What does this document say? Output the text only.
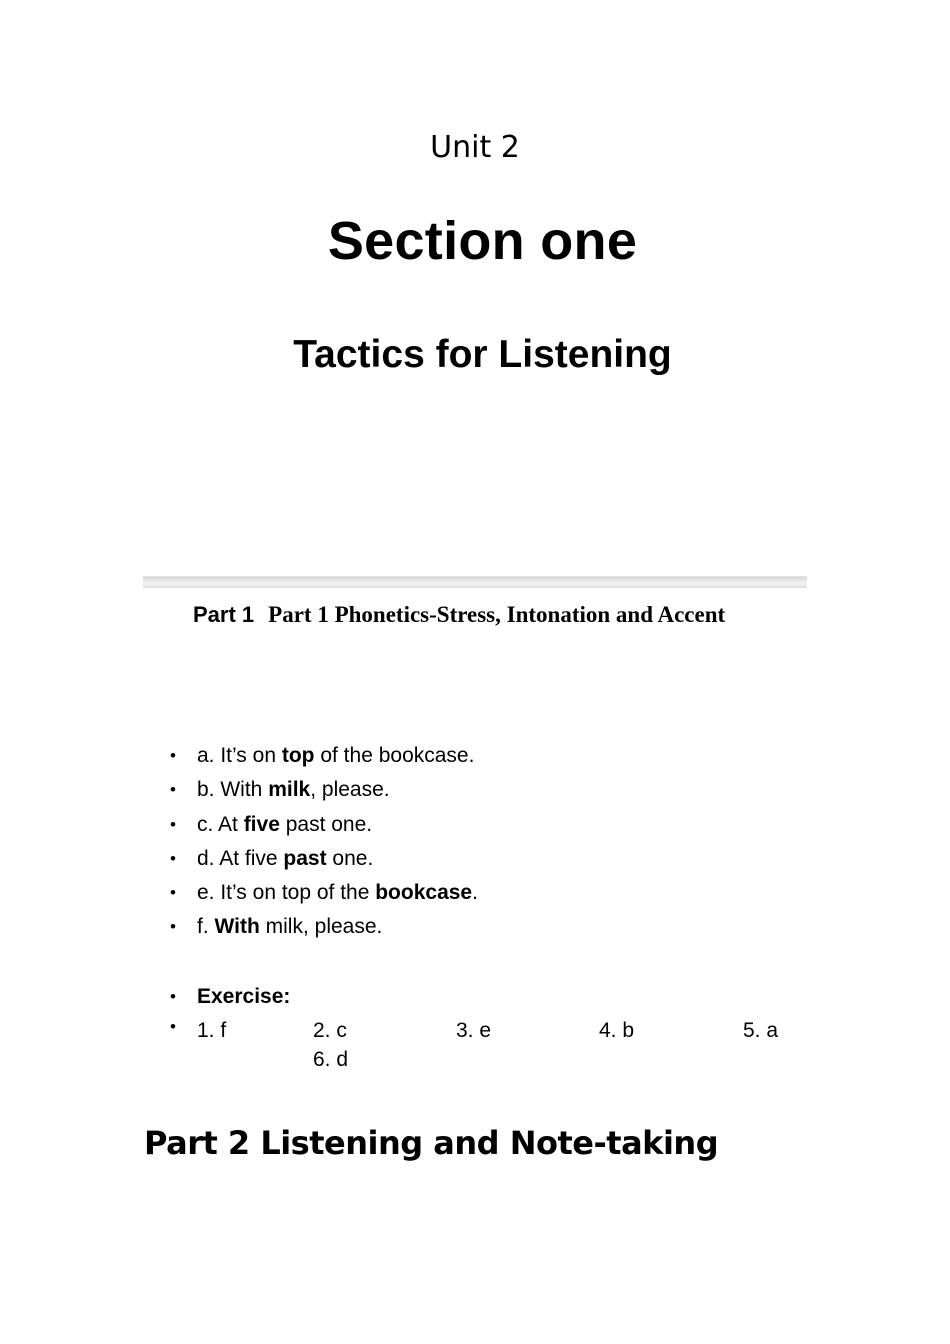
Unit 2
Section one
Tactics for Listening
Part 1 Part 1 Phonetics-Stress, Intonation and Accent
• a. It’s on top of the bookcase.
• b. With milk, please.
• c. At five past one.
• d. At five past one.
• e. It’s on top of the bookcase.
• f. With milk, please.
• Exercise:
• 1. f	2. c	3. e	4. b	5. a
6. d
Part 2 Listening and Note-taking
